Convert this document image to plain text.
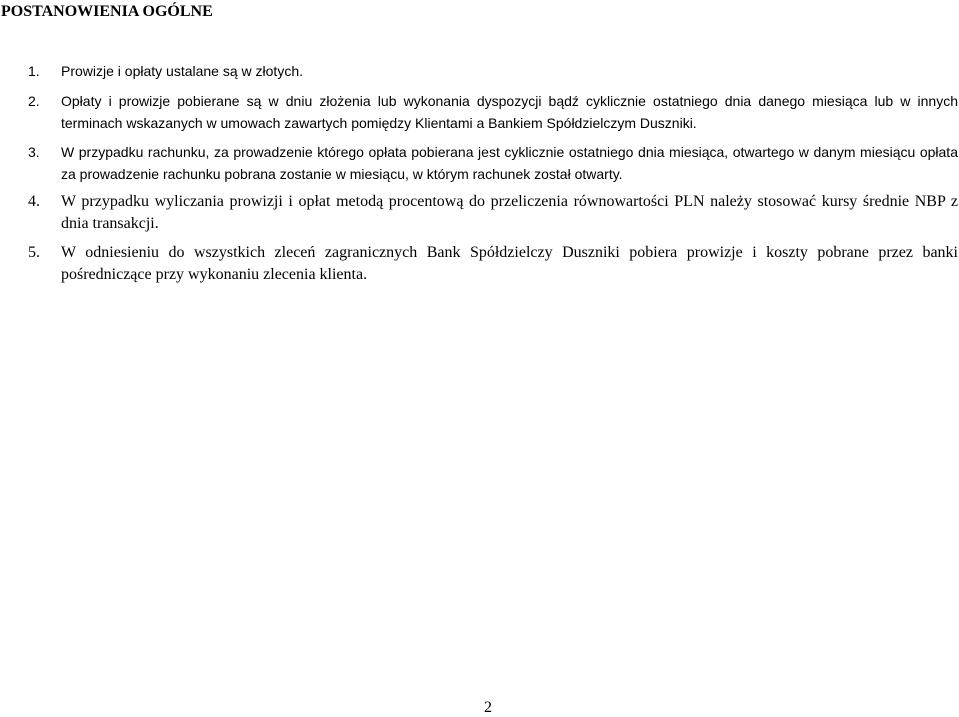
POSTANOWIENIA OGÓLNE
1.	Prowizje i opłaty ustalane są w złotych.
2.	Opłaty i prowizje pobierane są w dniu złożenia lub wykonania dyspozycji bądź cyklicznie ostatniego dnia danego miesiąca lub w innych terminach wskazanych w umowach zawartych pomiędzy Klientami a Bankiem Spółdzielczym Duszniki.
3.	W przypadku rachunku, za prowadzenie którego opłata pobierana jest cyklicznie ostatniego dnia miesiąca, otwartego w danym miesiącu opłata za prowadzenie rachunku pobrana zostanie w miesiącu, w którym rachunek został otwarty.
4.	W przypadku wyliczania prowizji i opłat metodą procentową do przeliczenia równowartości PLN należy stosować kursy średnie NBP z dnia transakcji.
5.	W odniesieniu do wszystkich zleceń zagranicznych Bank Spółdzielczy Duszniki pobiera prowizje i koszty pobrane przez banki pośredniczące przy wykonaniu zlecenia klienta.
2
